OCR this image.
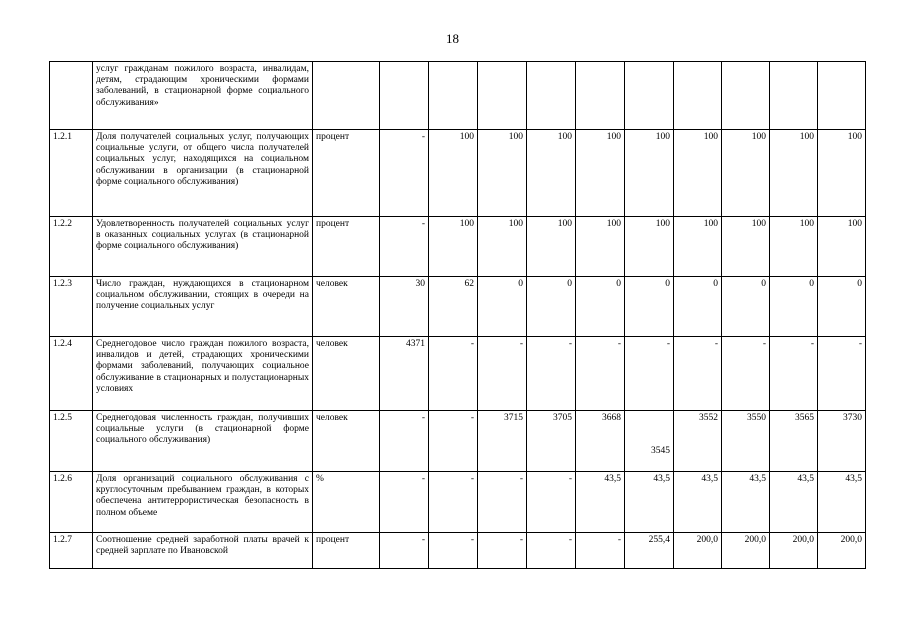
18
	услуг гражданам пожилого возраста, инвалидам, детям, страдающим хроническими формами заболеваний, в стационарной форме социального обслуживания»											
1.2.1	Доля получателей социальных услуг, получающих социальные услуги, от общего числа получателей социальных услуг, находящихся на социальном обслуживании в организации (в стационарной форме социального обслуживания)	процент	-	100	100	100	100	100	100	100	100	100
1.2.2	Удовлетворенность получателей социальных услуг в оказанных социальных услугах (в стационарной форме социального обслуживания)	процент	-	100	100	100	100	100	100	100	100	100
1.2.3	Число граждан, нуждающихся в стационарном социальном обслуживании, стоящих в очереди на получение социальных услуг	человек	30	62	0	0	0	0	0	0	0	0
1.2.4	Среднегодовое число граждан пожилого возраста, инвалидов и детей, страдающих хроническими формами заболеваний, получающих социальное обслуживание в стационарных и полустационарных условиях	человек	4371	-	-	-	-	-	-	-	-	-
1.2.5	Среднегодовая численность граждан, получивших социальные услуги (в стационарной форме социального обслуживания)	человек	-	-	3715	3705	3668	3545	3552	3550	3565	3730
1.2.6	Доля организаций социального обслуживания с круглосуточным пребыванием граждан, в которых обеспечена антитеррористическая безопасность в полном объеме	%	-	-	-	-	43,5	43,5	43,5	43,5	43,5	43,5
1.2.7	Соотношение средней заработной платы врачей к средней зарплате по Ивановской	процент	-	-	-	-	-	255,4	200,0	200,0	200,0	200,0
